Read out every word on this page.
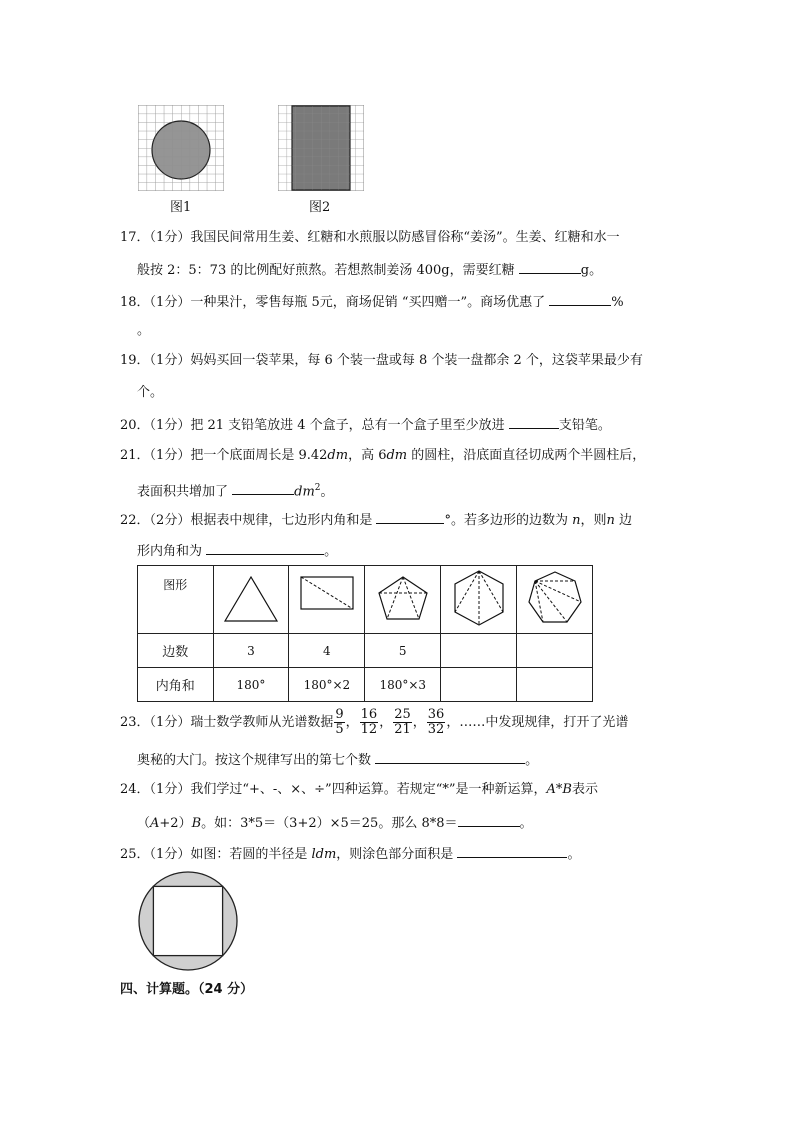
图1	图2
17．（1分）我国民间常用生姜、红糖和水煎服以防感冒俗称“姜汤”。生姜、红糖和水一
般按 2：5：73 的比例配好煎熬。若想熬制姜汤 400g，需要红糖	g。
18．（1分）一种果汁，零售每瓶 5元，商场促销 “买四赠一”。商场优惠了	%
。
19．（1分）妈妈买回一袋苹果，每 6 个装一盘或每 8 个装一盘都余 2 个，这袋苹果最少有
个。
20．（1分）把 21 支铅笔放进 4 个盒子，总有一个盒子里至少放进	支铅笔。
21．（1分）把一个底面周长是 9.42dm，高 6dm 的圆柱，沿底面直径切成两个半圆柱后，
表面积共增加了	$dm^2$。
22．（2分）根据表中规律，七边形内角和是	°。若多边形的边数为 n，则n 边
形内角和为	。
图形					
边数	3	4	5		
内角和	180°	180°×2	180°×3		
23．（1分）瑞士数学教师从光谱数据 $\frac{9}{5}$ ， $\frac{16}{12}$ ， $\frac{25}{21}$ ， $\frac{36}{32}$ ，……中发现规律，打开了光谱
奥秘的大门。按这个规律写出的第七个数	。
24．（1分）我们学过“+、-、×、÷”四种运算。若规定“*”是一种新运算，A*B表示
（A+2）B。如：3*5＝（3+2）×5＝25。那么 8*8＝	。
25．（1分）如图：若圆的半径是 ldm，则涂色部分面积是	。
四、计算题。（24 分）
